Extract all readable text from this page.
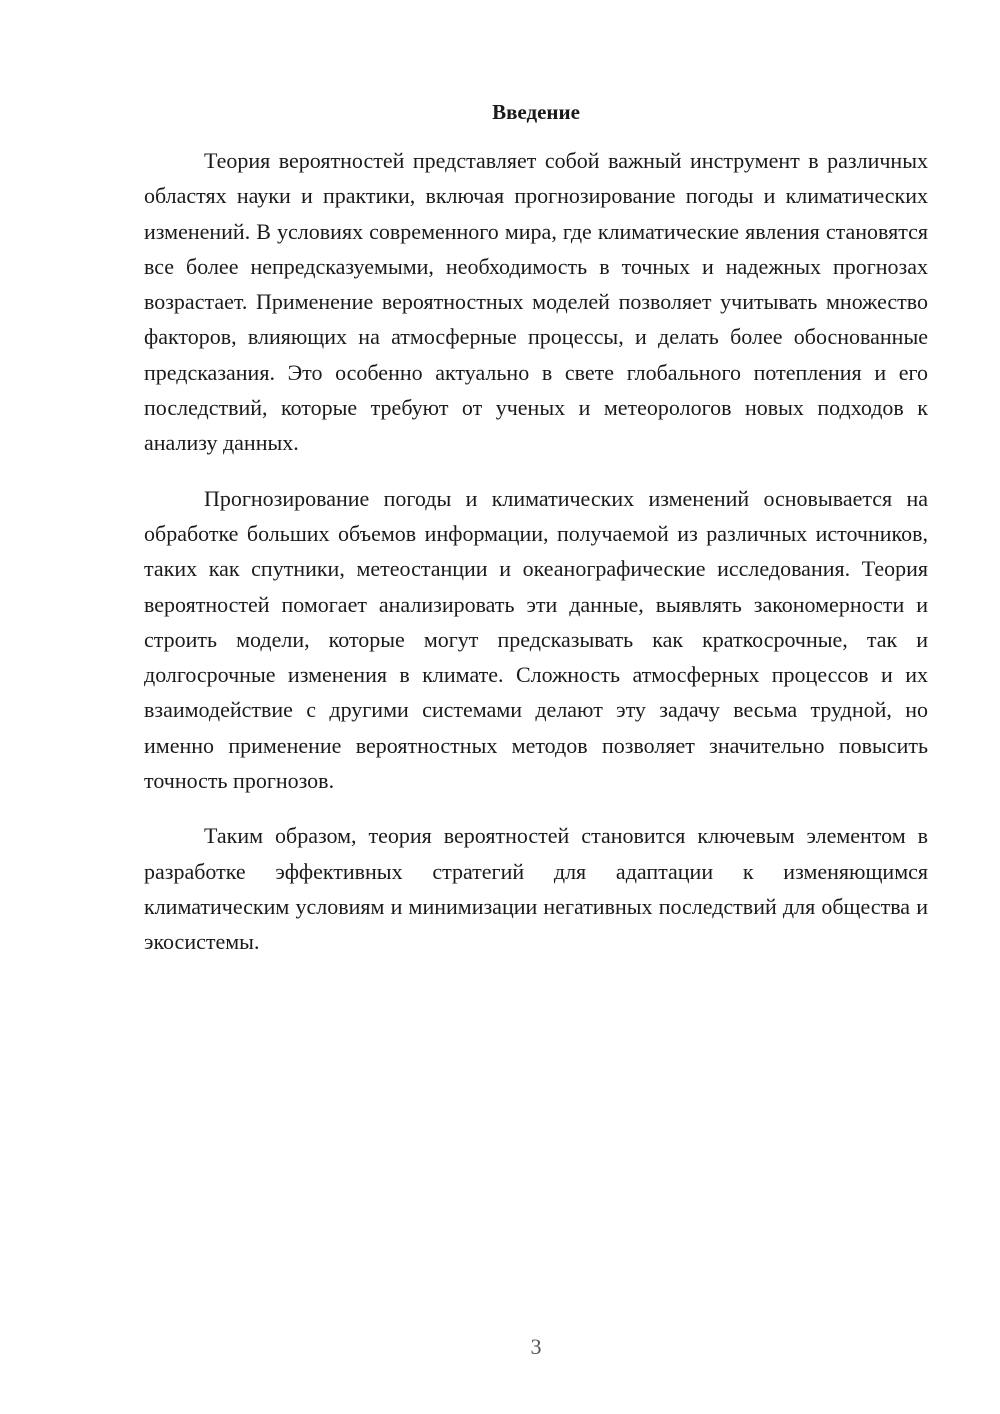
Введение

Теория вероятностей представляет собой важный инструмент в различных областях науки и практики, включая прогнозирование погоды и климатических изменений. В условиях современного мира, где климатические явления становятся все более непредсказуемыми, необходимость в точных и надежных прогнозах возрастает. Применение вероятностных моделей позволяет учитывать множество факторов, влияющих на атмосферные процессы, и делать более обоснованные предсказания. Это особенно актуально в свете глобального потепления и его последствий, которые требуют от ученых и метеорологов новых подходов к анализу данных.

Прогнозирование погоды и климатических изменений основывается на обработке больших объемов информации, получаемой из различных источников, таких как спутники, метеостанции и океанографические исследования. Теория вероятностей помогает анализировать эти данные, выявлять закономерности и строить модели, которые могут предсказывать как краткосрочные, так и долгосрочные изменения в климате. Сложность атмосферных процессов и их взаимодействие с другими системами делают эту задачу весьма трудной, но именно применение вероятностных методов позволяет значительно повысить точность прогнозов.

Таким образом, теория вероятностей становится ключевым элементом в разработке эффективных стратегий для адаптации к изменяющимся климатическим условиям и минимизации негативных последствий для общества и экосистемы.

3
